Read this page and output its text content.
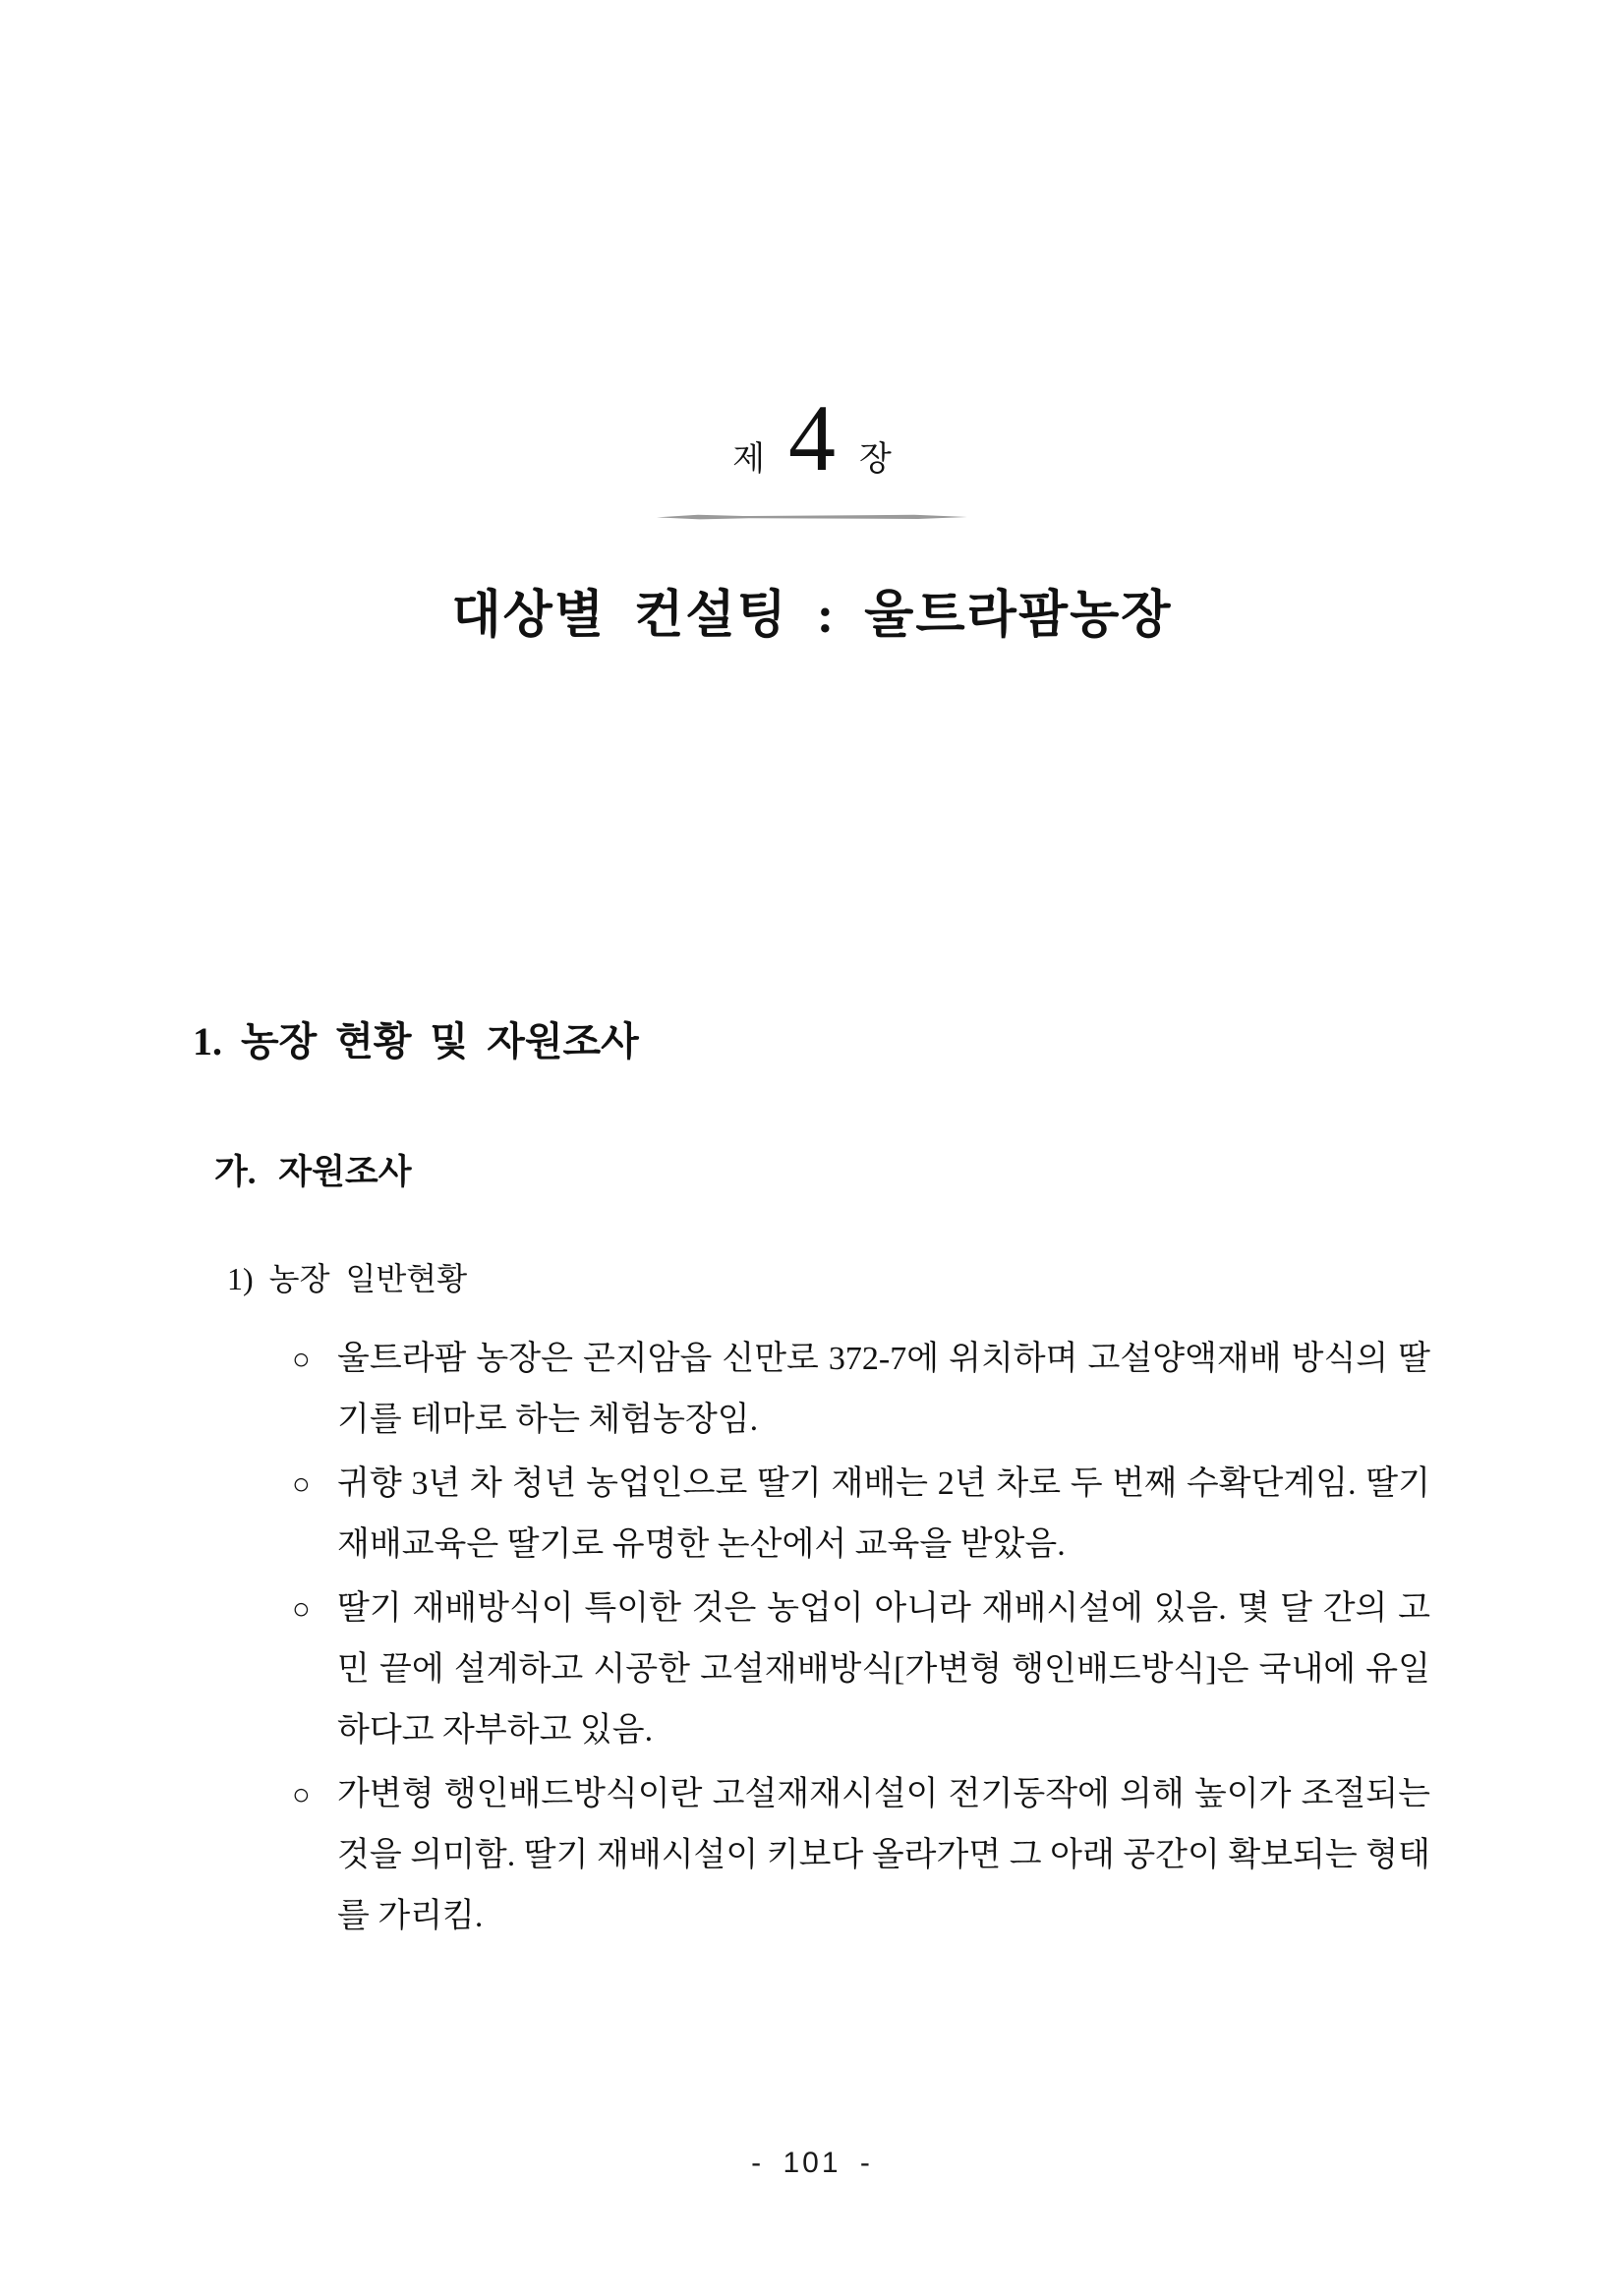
제 4 장
대상별 컨설팅 : 울트라팜농장
1. 농장 현황 및 자원조사
가. 자원조사
1) 농장 일반현황
○ 울트라팜 농장은 곤지암읍 신만로 372-7에 위치하며 고설양액재배 방식의 딸기를 테마로 하는 체험농장임.
○ 귀향 3년 차 청년 농업인으로 딸기 재배는 2년 차로 두 번째 수확단계임. 딸기 재배교육은 딸기로 유명한 논산에서 교육을 받았음.
○ 딸기 재배방식이 특이한 것은 농업이 아니라 재배시설에 있음. 몇 달 간의 고민 끝에 설계하고 시공한 고설재배방식[가변형 행인배드방식]은 국내에 유일하다고 자부하고 있음.
○ 가변형 행인배드방식이란 고설재재시설이 전기동작에 의해 높이가 조절되는 것을 의미함. 딸기 재배시설이 키보다 올라가면 그 아래 공간이 확보되는 형태를 가리킴.
- 101 -
